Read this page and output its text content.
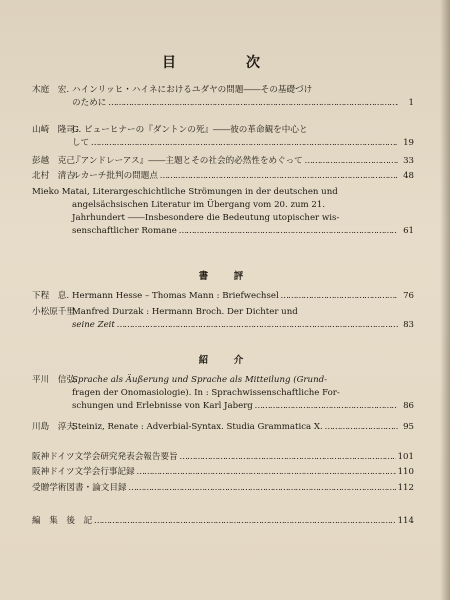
目　次
木庭　宏. ハインリッヒ・ハイネにおけるユダヤの問題――その基礎づけ
のために ………………………………………………………………………………………………………………	1
山崎　隆司.
G. ビューヒナーの『ダントンの死』――彼の革命観を中心と
して ………………………………………………………………………………………………………………	19
彭越　克己.
『アンドレーアス』――主題とその社会的必然性をめぐって ………………………………………………………………………………………………………………	33
北村　清吉.
ルカーチ批判の問題点 ………………………………………………………………………………………………………………	48
Mieko Matai, Literargeschichtliche Strömungen in der deutschen und
angelsächsischen Literatur im Übergang vom 20. zum 21.
Jahrhundert ――Insbesondere die Bedeutung utopischer wis-
senschaftlicher Romane ………………………………………………………………………………………………………………	61
書　評
下程　息. Hermann Hesse – Thomas Mann : Briefwechsel ………………………………………………………………………………………………………………	76
小松原千里.
Manfred Durzak : Hermann Broch. Der Dichter und
seine Zeit ………………………………………………………………………………………………………………	83
紹　介
平川　信弘.
Sprache als Äußerung und Sprache als Mitteilung (Grund-
fragen der Onomasiologie). In : Sprachwissenschaftliche For-
schungen und Erlebnisse von Karl Jaberg ………………………………………………………………………………………………………………	86
川島　淳夫.
Steiniz, Renate : Adverbial-Syntax. Studia Grammatica X. ………………………………………………………………………………………………………………	95
阪神ドイツ文学会研究発表会報告要旨 ………………………………………………………………………………………………………………	101
阪神ドイツ文学会行事記録 ………………………………………………………………………………………………………………	110
受贈学術図書・論文目録 ………………………………………………………………………………………………………………	112
編　集　後　記 ………………………………………………………………………………………………………………	114
